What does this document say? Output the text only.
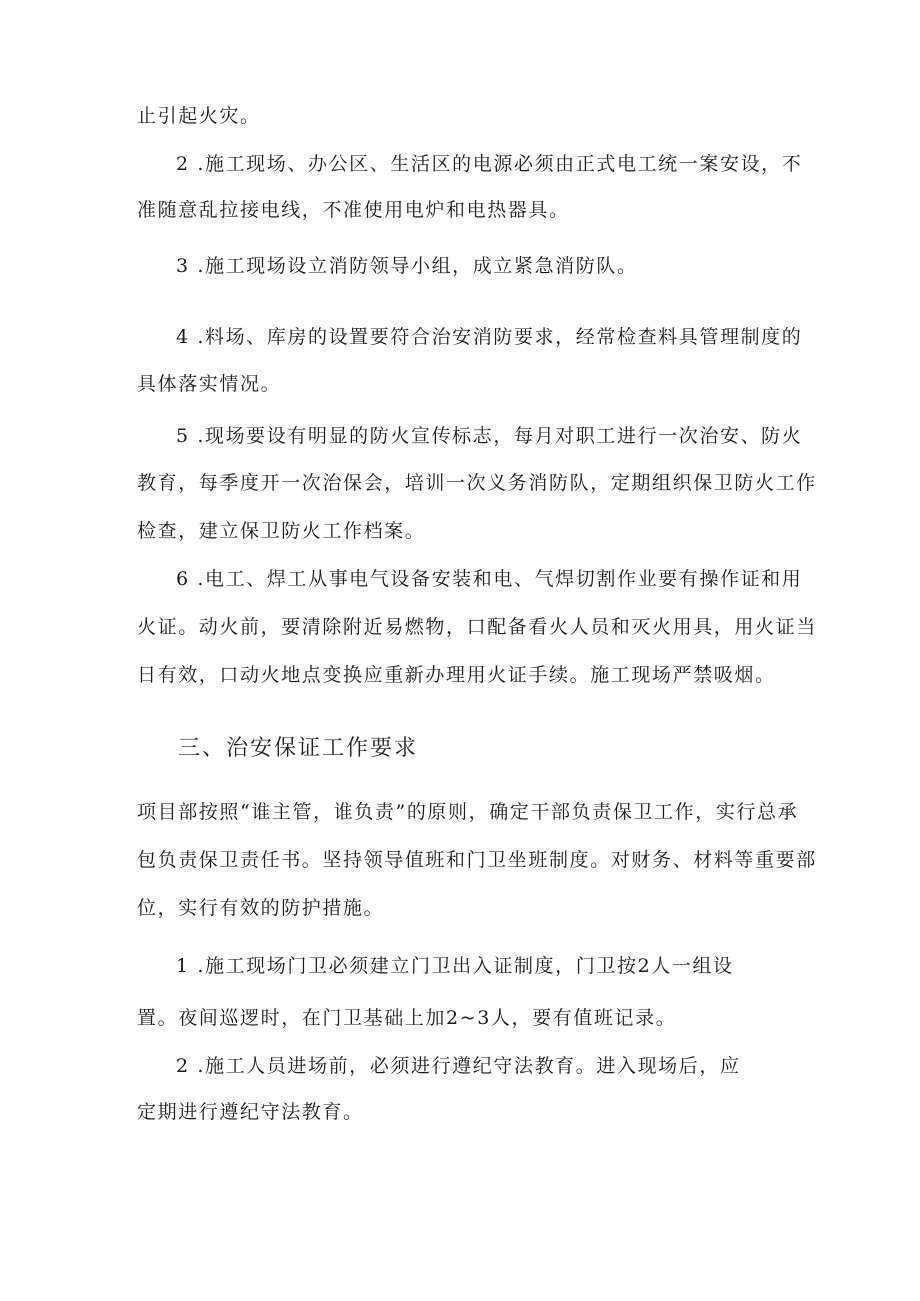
止引起火灾。
2 .施工现场、办公区、生活区的电源必须由正式电工统一案安设，不
准随意乱拉接电线，不准使用电炉和电热器具。
3 .施工现场设立消防领导小组，成立紧急消防队。
4 .料场、库房的设置要符合治安消防要求，经常检查料具管理制度的
具体落实情况。
5 .现场要设有明显的防火宣传标志，每月对职工进行一次治安、防火
教育，每季度开一次治保会，培训一次义务消防队，定期组织保卫防火工作
检查，建立保卫防火工作档案。
6 .电工、焊工从事电气设备安装和电、气焊切割作业要有操作证和用
火证。动火前，要清除附近易燃物，口配备看火人员和灭火用具，用火证当
日有效，口动火地点变换应重新办理用火证手续。施工现场严禁吸烟。
三、治安保证工作要求
项目部按照“谁主管，谁负责”的原则，确定干部负责保卫工作，实行总承
包负责保卫责任书。坚持领导值班和门卫坐班制度。对财务、材料等重要部
位，实行有效的防护措施。
1 .施工现场门卫必须建立门卫出入证制度，门卫按2人一组设
置。夜间巡逻时，在门卫基础上加2~3人，要有值班记录。
2 .施工人员进场前，必须进行遵纪守法教育。进入现场后，应
定期进行遵纪守法教育。
